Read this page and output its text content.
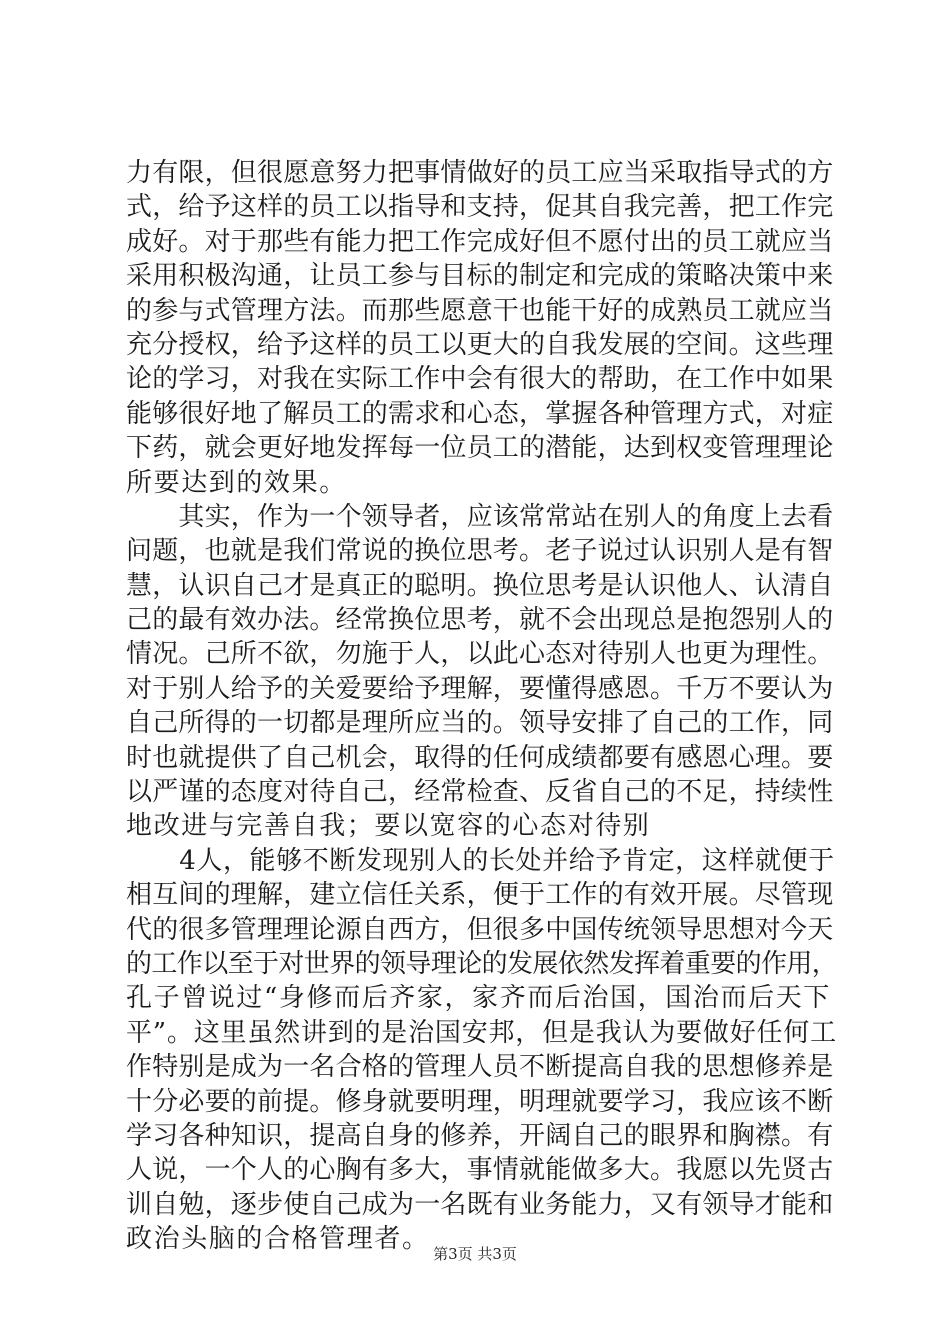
力有限，但很愿意努力把事情做好的员工应当采取指导式的方
式，给予这样的员工以指导和支持，促其自我完善，把工作完
成好。对于那些有能力把工作完成好但不愿付出的员工就应当
采用积极沟通，让员工参与目标的制定和完成的策略决策中来
的参与式管理方法。而那些愿意干也能干好的成熟员工就应当
充分授权，给予这样的员工以更大的自我发展的空间。这些理
论的学习，对我在实际工作中会有很大的帮助，在工作中如果
能够很好地了解员工的需求和心态，掌握各种管理方式，对症
下药，就会更好地发挥每一位员工的潜能，达到权变管理理论
所要达到的效果。
　　其实，作为一个领导者，应该常常站在别人的角度上去看
问题，也就是我们常说的换位思考。老子说过认识别人是有智
慧，认识自己才是真正的聪明。换位思考是认识他人、认清自
己的最有效办法。经常换位思考，就不会出现总是抱怨别人的
情况。己所不欲，勿施于人，以此心态对待别人也更为理性。
对于别人给予的关爱要给予理解，要懂得感恩。千万不要认为
自己所得的一切都是理所应当的。领导安排了自己的工作，同
时也就提供了自己机会，取得的任何成绩都要有感恩心理。要
以严谨的态度对待自己，经常检查、反省自己的不足，持续性
地改进与完善自我；要以宽容的心态对待别
　　4人，能够不断发现别人的长处并给予肯定，这样就便于
相互间的理解，建立信任关系，便于工作的有效开展。尽管现
代的很多管理理论源自西方，但很多中国传统领导思想对今天
的工作以至于对世界的领导理论的发展依然发挥着重要的作用，
孔子曾说过“身修而后齐家，家齐而后治国，国治而后天下
平”。这里虽然讲到的是治国安邦，但是我认为要做好任何工
作特别是成为一名合格的管理人员不断提高自我的思想修养是
十分必要的前提。修身就要明理，明理就要学习，我应该不断
学习各种知识，提高自身的修养，开阔自己的眼界和胸襟。有
人说，一个人的心胸有多大，事情就能做多大。我愿以先贤古
训自勉，逐步使自己成为一名既有业务能力，又有领导才能和
政治头脑的合格管理者。 第3页 共3页
